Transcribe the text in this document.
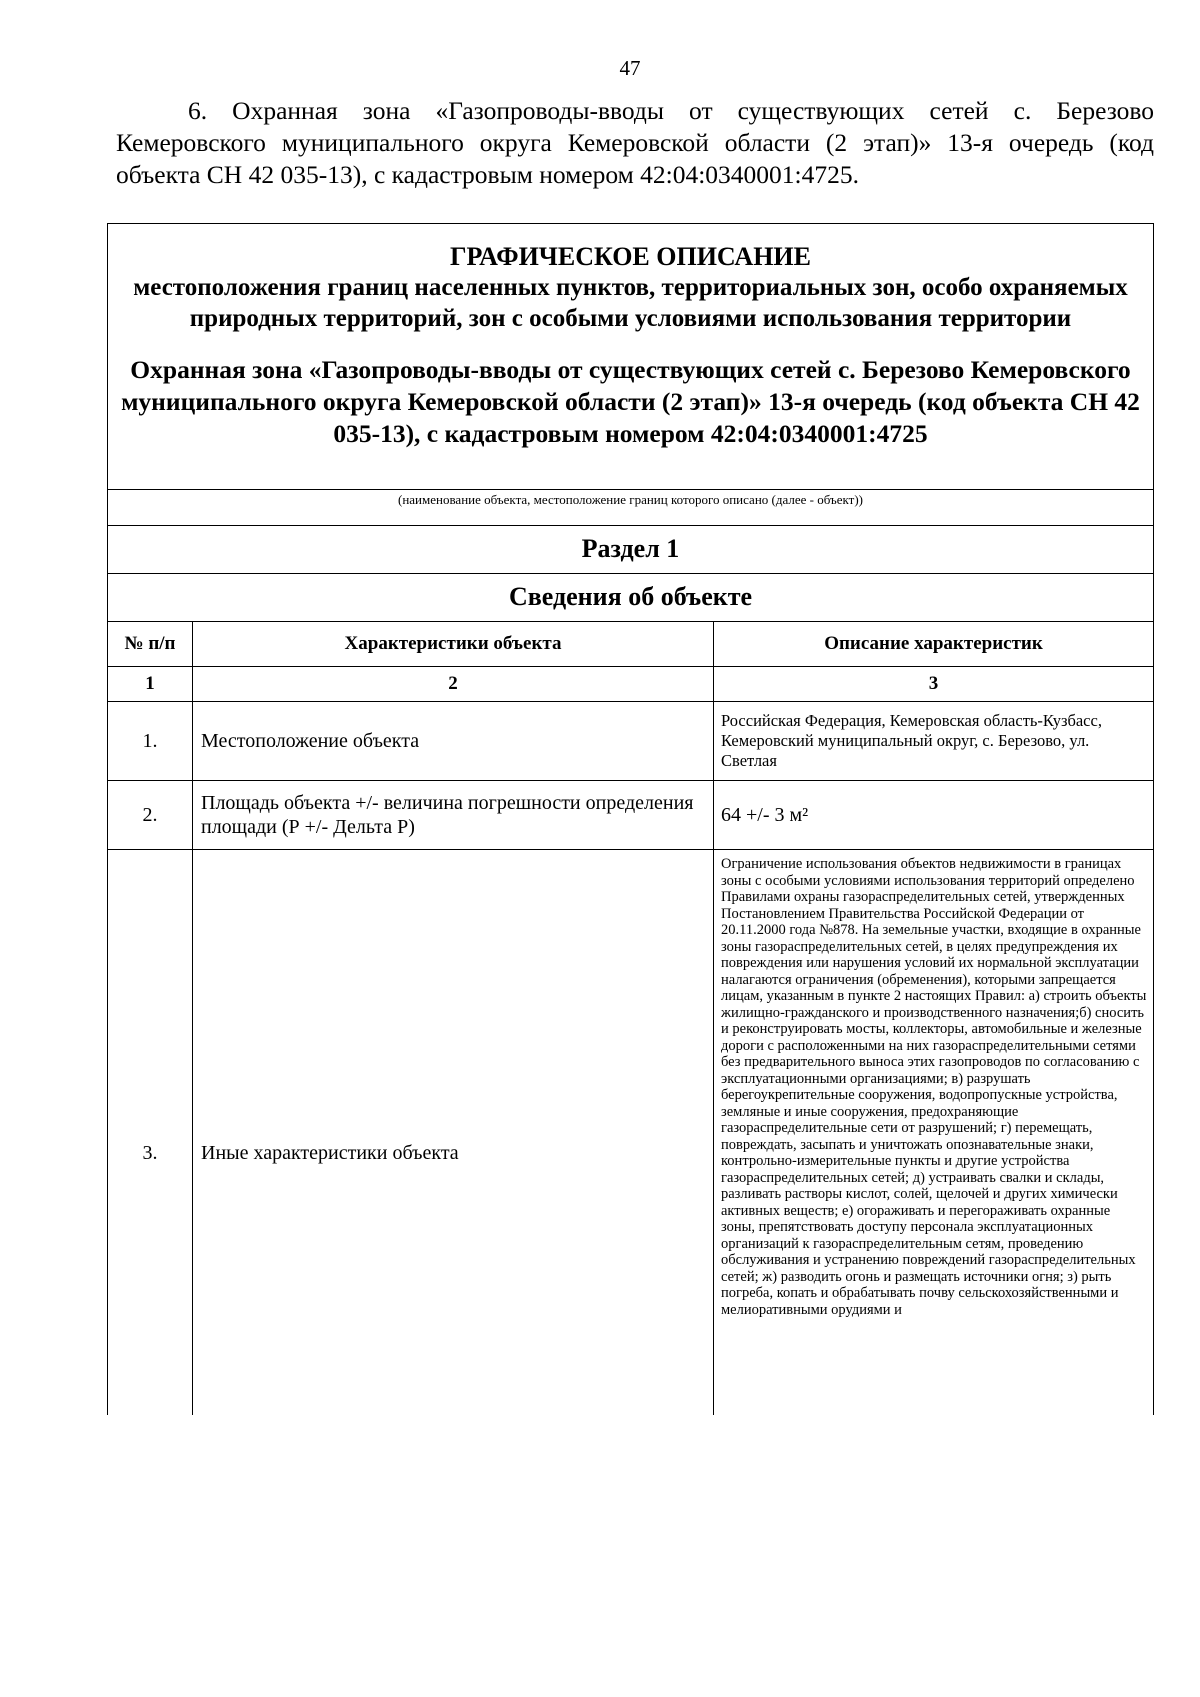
47

6. Охранная зона «Газопроводы-вводы от существующих сетей с. Березово Кемеровского муниципального округа Кемеровской области (2 этап)» 13-я очередь (код объекта СН 42 035-13), с кадастровым номером 42:04:0340001:4725.

ГРАФИЧЕСКОЕ ОПИСАНИЕ

местоположения границ населенных пунктов, территориальных зон, особо охраняемых природных территорий, зон с особыми условиями использования территории

Охранная зона «Газопроводы-вводы от существующих сетей с. Березово Кемеровского муниципального округа Кемеровской области (2 этап)» 13-я очередь (код объекта СН 42 035-13), с кадастровым номером 42:04:0340001:4725

(наименование объекта, местоположение границ которого описано (далее - объект))
Раздел 1
Сведения об объекте
№ п/п	Характеристики объекта	Описание характеристик
1	2	3
1.	Местоположение объекта	Российская Федерация, Кемеровская область-Кузбасс, Кемеровский муниципальный округ, с. Березово, ул. Светлая
2.	Площадь объекта +/- величина погрешности определения площади (Р +/- Дельта Р)	64 +/- 3 м²
3.	Иные характеристики объекта	Ограничение использования объектов недвижимости в границах зоны с особыми условиями использования территорий определено Правилами охраны газораспределительных сетей, утвержденных Постановлением Правительства Российской Федерации от 20.11.2000 года №878. На земельные участки, входящие в охранные зоны газораспределительных сетей, в целях предупреждения их повреждения или нарушения условий их нормальной эксплуатации налагаются ограничения (обременения), которыми запрещается лицам, указанным в пункте 2 настоящих Правил: а) строить объекты жилищно-гражданского и производственного назначения;б) сносить и реконструировать мосты, коллекторы, автомобильные и железные дороги с расположенными на них газораспределительными сетями без предварительного выноса этих газопроводов по согласованию с эксплуатационными организациями; в) разрушать берегоукрепительные сооружения, водопропускные устройства, земляные и иные сооружения, предохраняющие газораспределительные сети от разрушений; г) перемещать, повреждать, засыпать и уничтожать опознавательные знаки, контрольно-измерительные пункты и другие устройства газораспределительных сетей; д) устраивать свалки и склады, разливать растворы кислот, солей, щелочей и других химически активных веществ; е) огораживать и перегораживать охранные зоны, препятствовать доступу персонала эксплуатационных организаций к газораспределительным сетям, проведению обслуживания и устранению повреждений газораспределительных сетей; ж) разводить огонь и размещать источники огня; з) рыть погреба, копать и обрабатывать почву сельскохозяйственными и мелиоративными орудиями и
